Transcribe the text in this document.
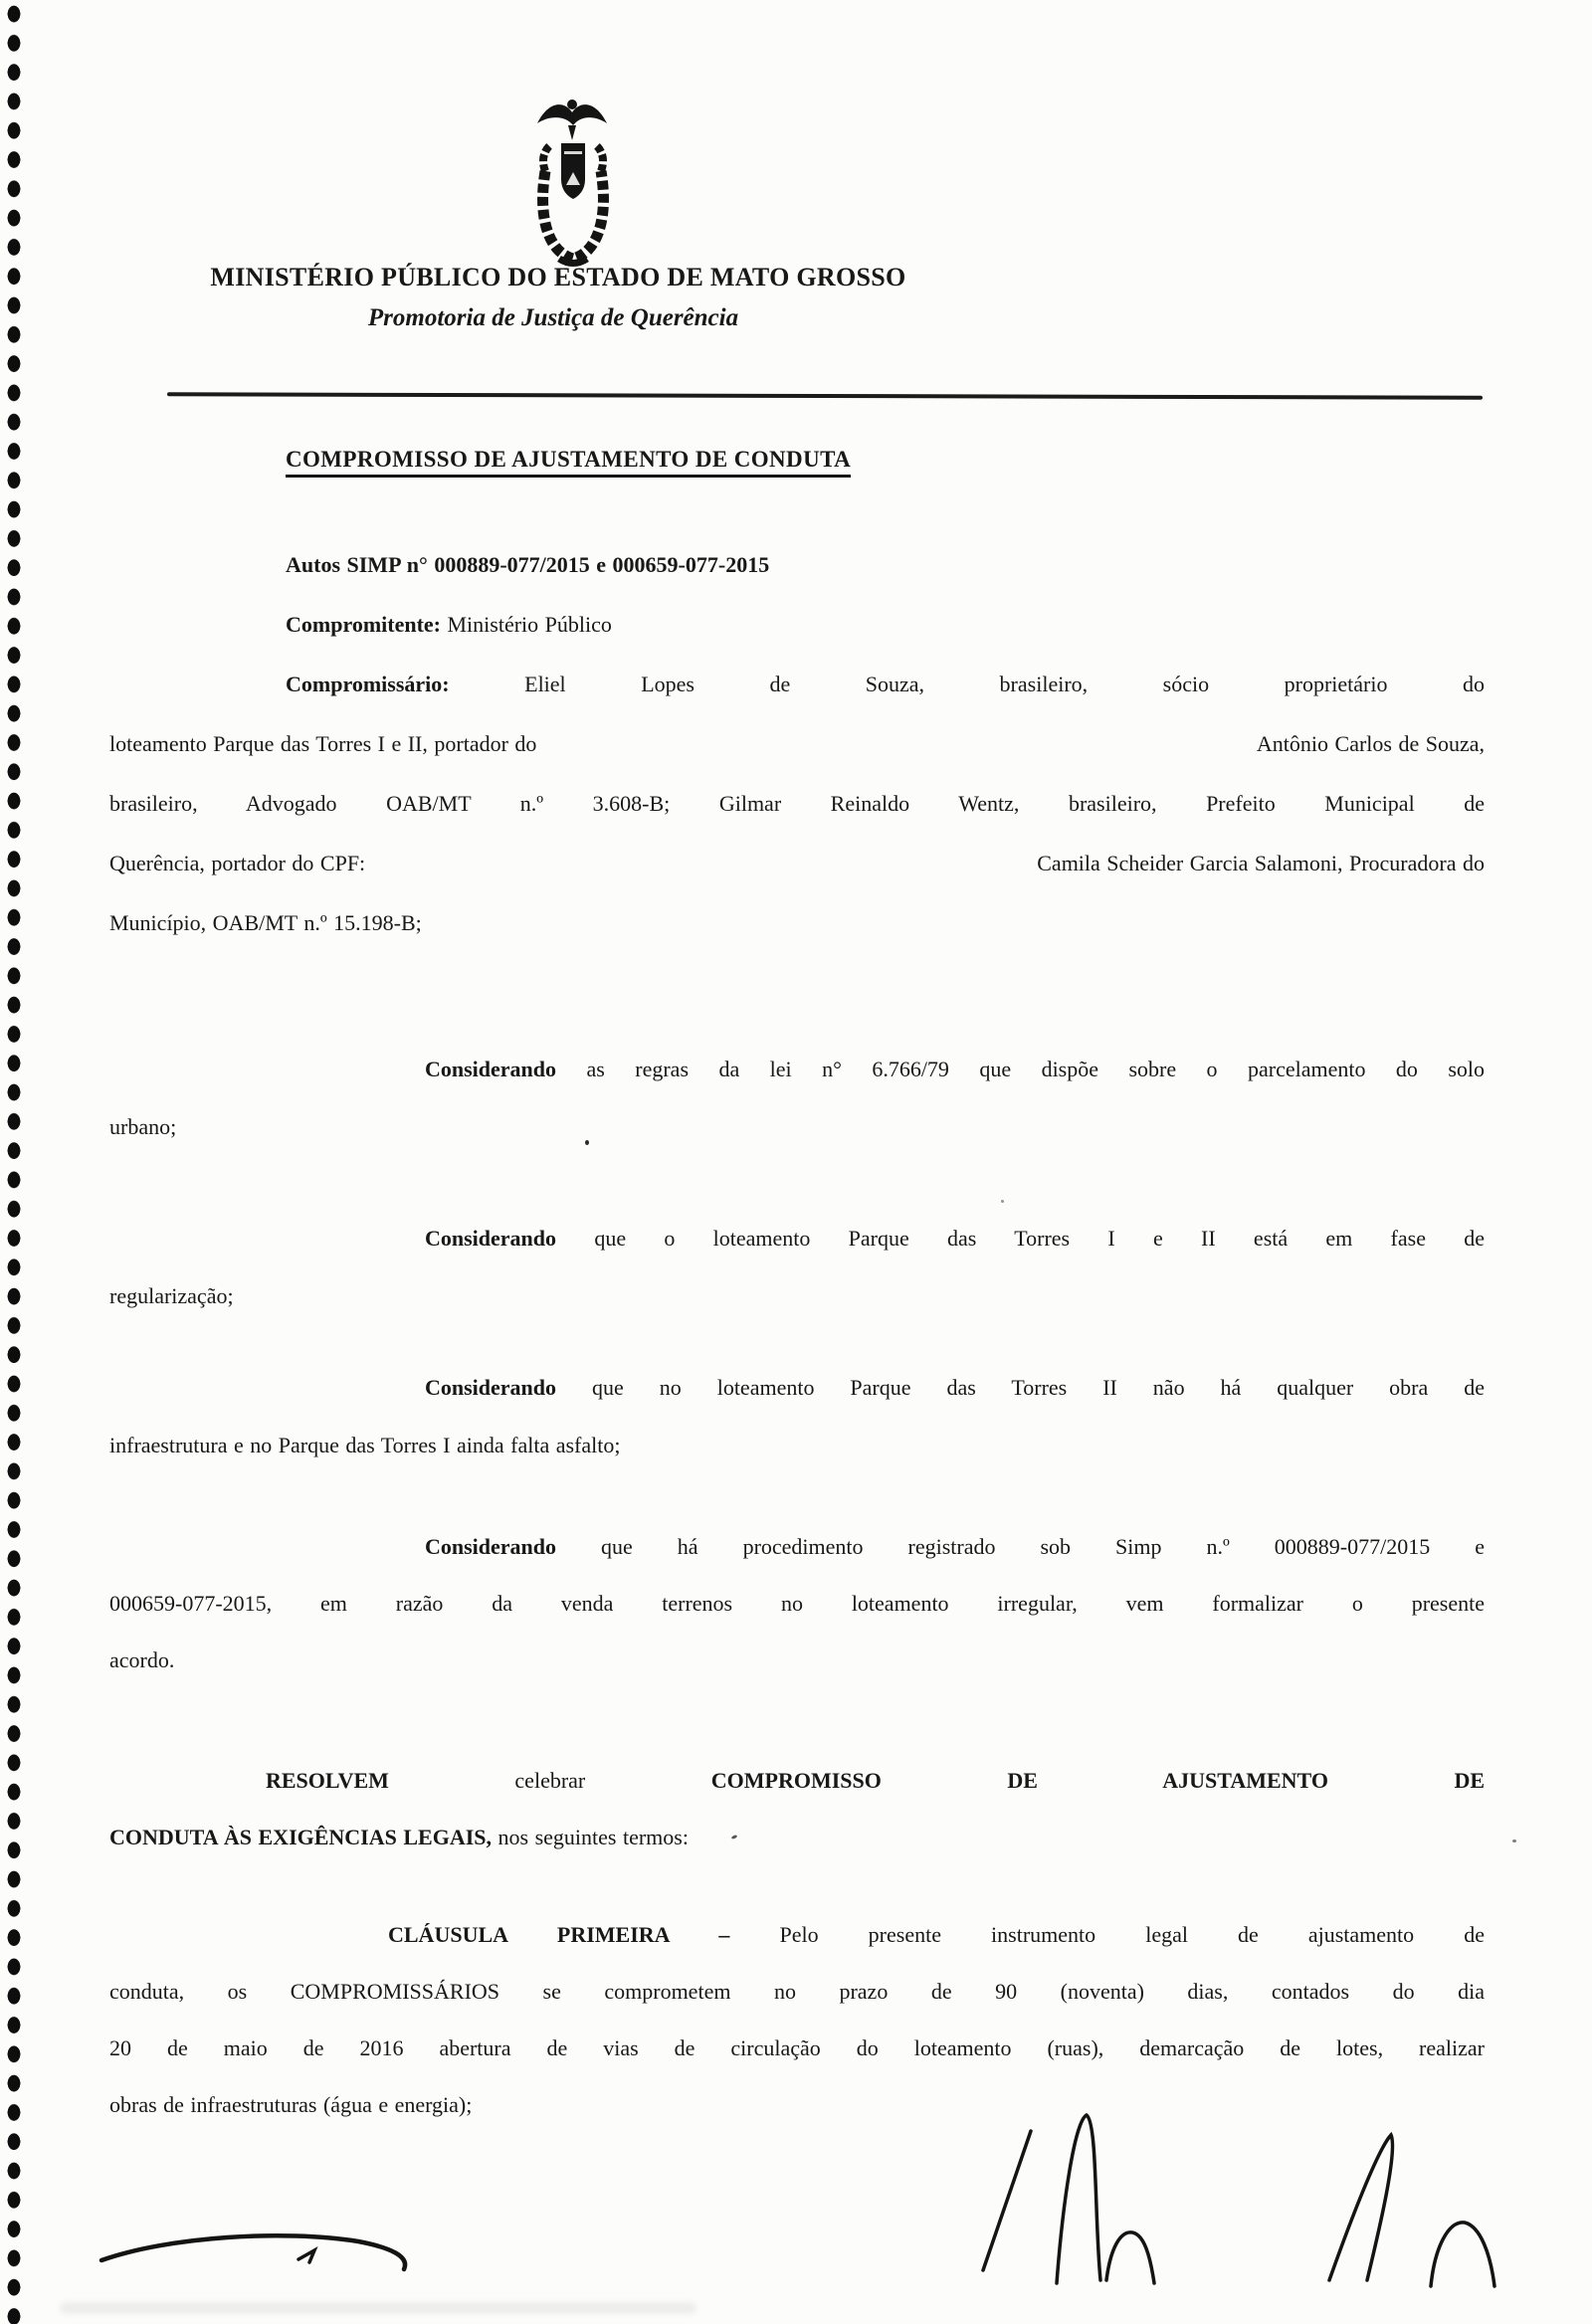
MINISTÉRIO PÚBLICO DO ESTADO DE MATO GROSSO
Promotoria de Justiça de Querência
COMPROMISSO DE AJUSTAMENTO DE CONDUTA
Autos SIMP n° 000889-077/2015 e 000659-077-2015
Compromitente: Ministério Público
Compromissário:	Eliel Lopes de Souza, brasileiro, sócio proprietário do
loteamento Parque das Torres I e II, portador do	Antônio Carlos de Souza,
brasileiro, Advogado OAB/MT n.º 3.608-B; Gilmar Reinaldo Wentz, brasileiro, Prefeito Municipal de
Querência, portador do CPF:	Camila Scheider Garcia Salamoni, Procuradora do
Município, OAB/MT n.º 15.198-B;
Considerando as regras da lei n° 6.766/79 que dispõe sobre o parcelamento do solo
urbano;
Considerando que o loteamento Parque das Torres I e II está em fase de
regularização;
Considerando que no loteamento Parque das Torres II não há qualquer obra de
infraestrutura e no Parque das Torres I ainda falta asfalto;
Considerando que há procedimento registrado sob Simp n.º 000889-077/2015 e
000659-077-2015, em razão da venda terrenos no loteamento irregular, vem formalizar o presente
acordo.
RESOLVEM	celebrar	COMPROMISSO DE AJUSTAMENTO DE
CONDUTA ÀS EXIGÊNCIAS LEGAIS, nos seguintes termos:
CLÁUSULA PRIMEIRA – Pelo presente instrumento legal de ajustamento de
conduta, os COMPROMISSÁRIOS se comprometem no prazo de 90 (noventa) dias, contados do dia
20 de maio de 2016 abertura de vias de circulação do loteamento (ruas), demarcação de lotes, realizar
obras de infraestruturas (água e energia);
